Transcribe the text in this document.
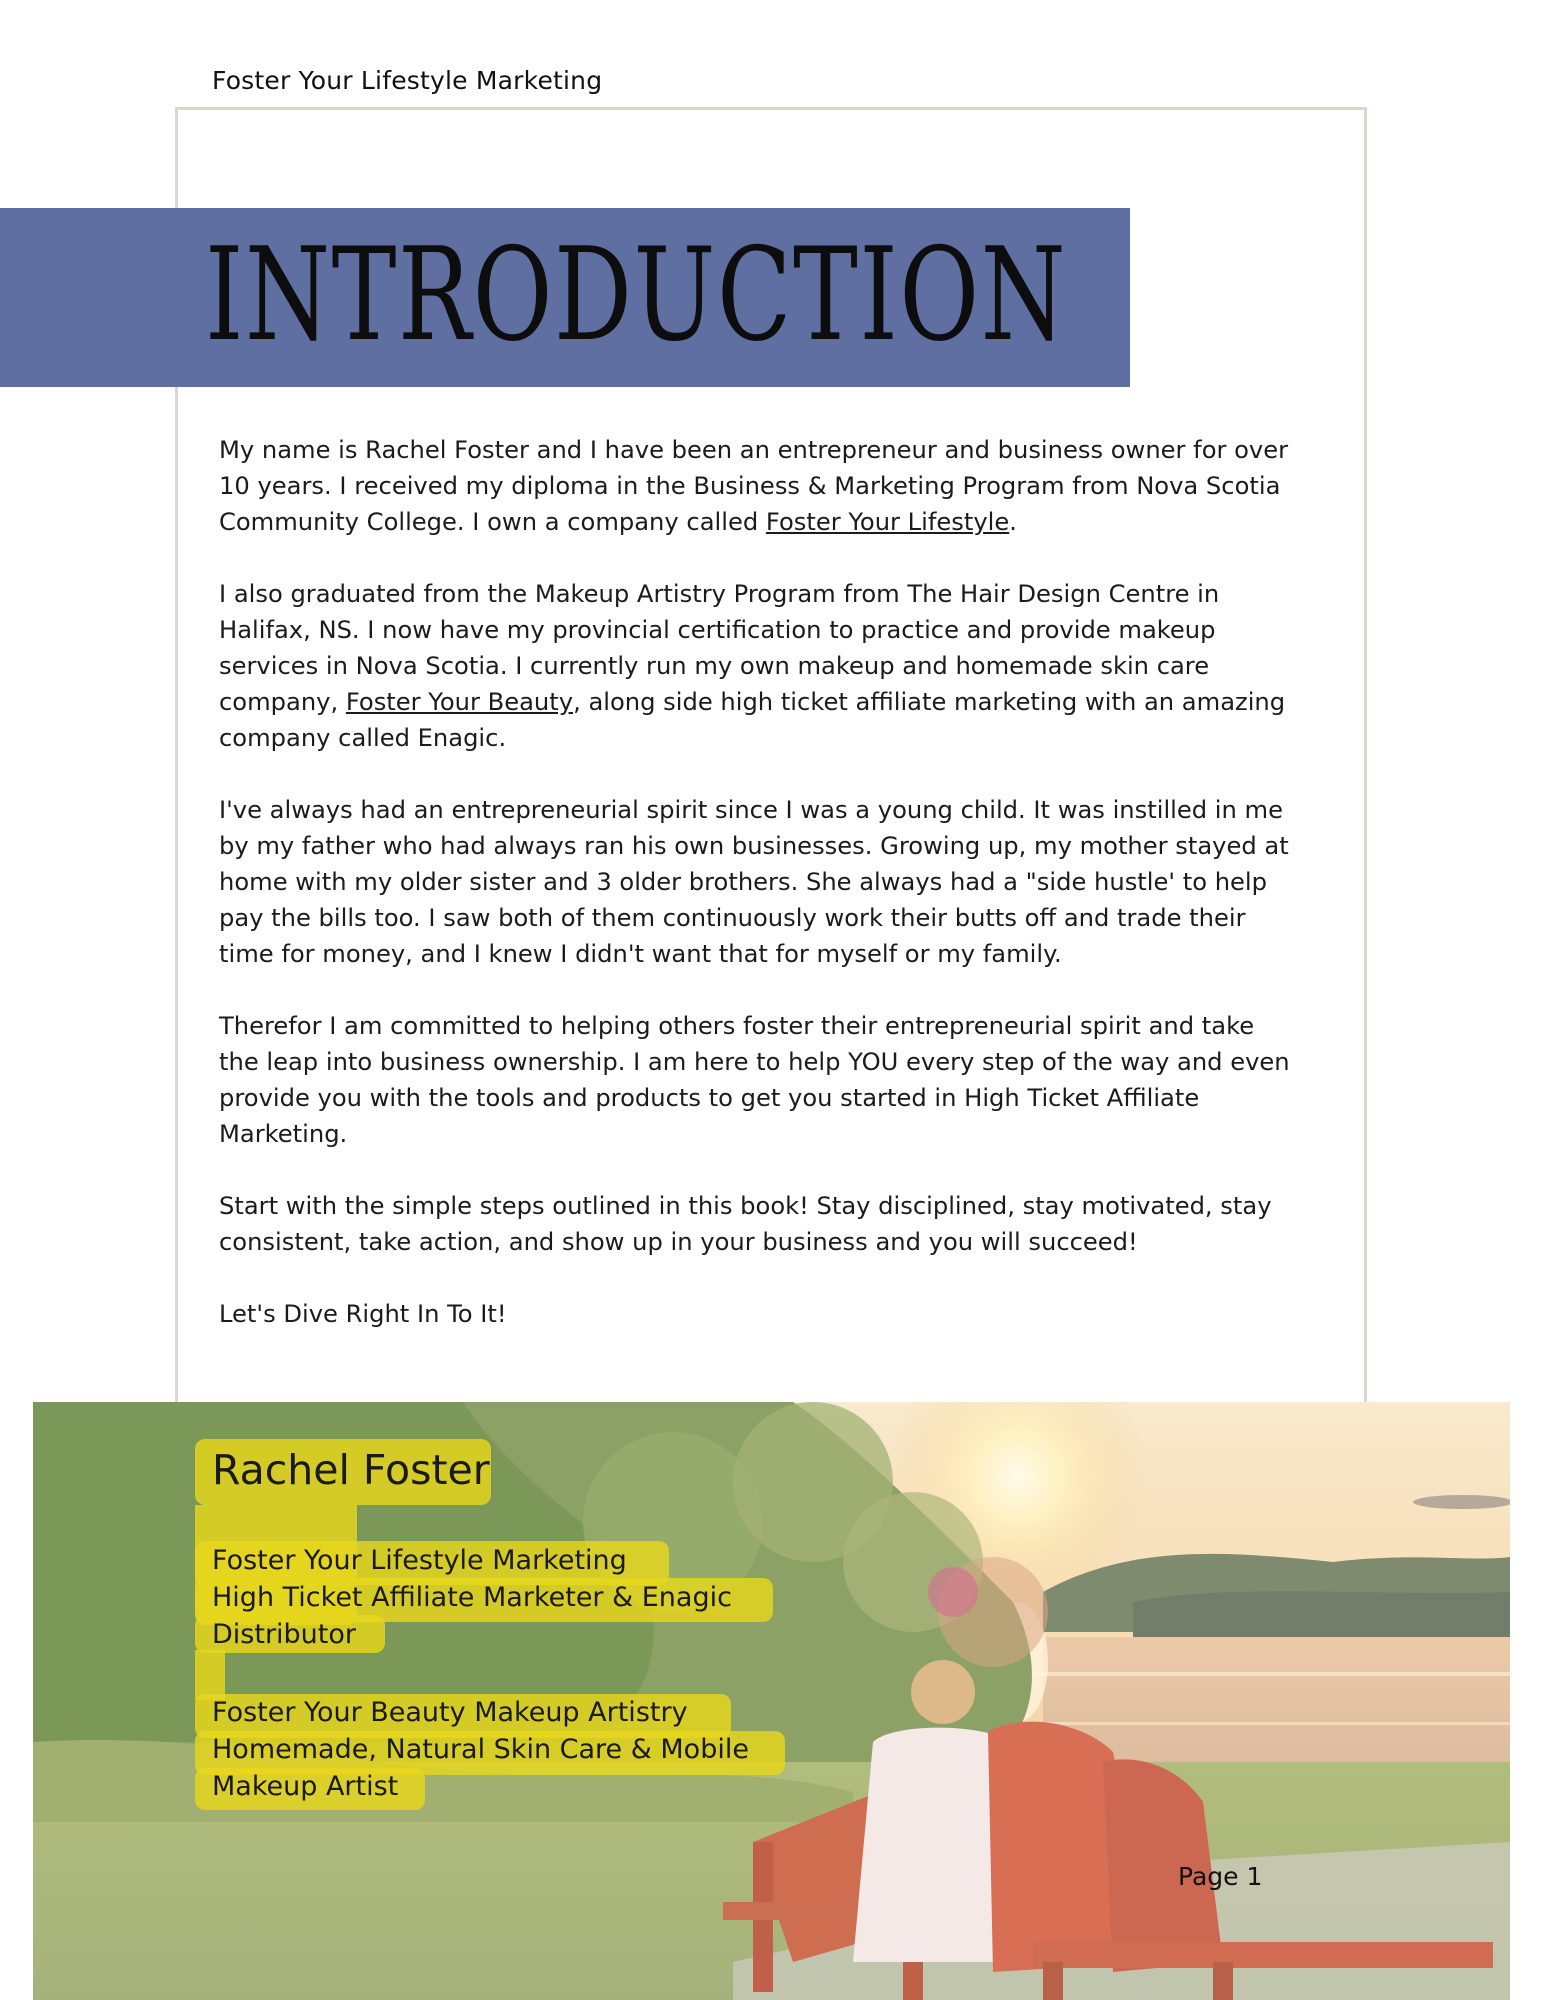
Foster Your Lifestyle Marketing
INTRODUCTION

My name is Rachel Foster and I have been an entrepreneur and business owner for over 10 years. I received my diploma in the Business & Marketing Program from Nova Scotia Community College. I own a company called Foster Your Lifestyle.

I also graduated from the Makeup Artistry Program from The Hair Design Centre in Halifax, NS. I now have my provincial certification to practice and provide makeup services in Nova Scotia. I currently run my own makeup and homemade skin care company, Foster Your Beauty, along side high ticket affiliate marketing with an amazing company called Enagic.

I've always had an entrepreneurial spirit since I was a young child. It was instilled in me by my father who had always ran his own businesses. Growing up, my mother stayed at home with my older sister and 3 older brothers. She always had a "side hustle' to help pay the bills too. I saw both of them continuously work their butts off and trade their time for money, and I knew I didn't want that for myself or my family.

Therefor I am committed to helping others foster their entrepreneurial spirit and take the leap into business ownership. I am here to help YOU every step of the way and even provide you with the tools and products to get you started in High Ticket Affiliate Marketing.

Start with the simple steps outlined in this book! Stay disciplined, stay motivated, stay consistent, take action, and show up in your business and you will succeed!

Let's Dive Right In To It!

Rachel Foster
Foster Your Lifestyle Marketing
High Ticket Affiliate Marketer & Enagic
Distributor
Foster Your Beauty Makeup Artistry
Homemade, Natural Skin Care & Mobile
Makeup Artist
Page 1
